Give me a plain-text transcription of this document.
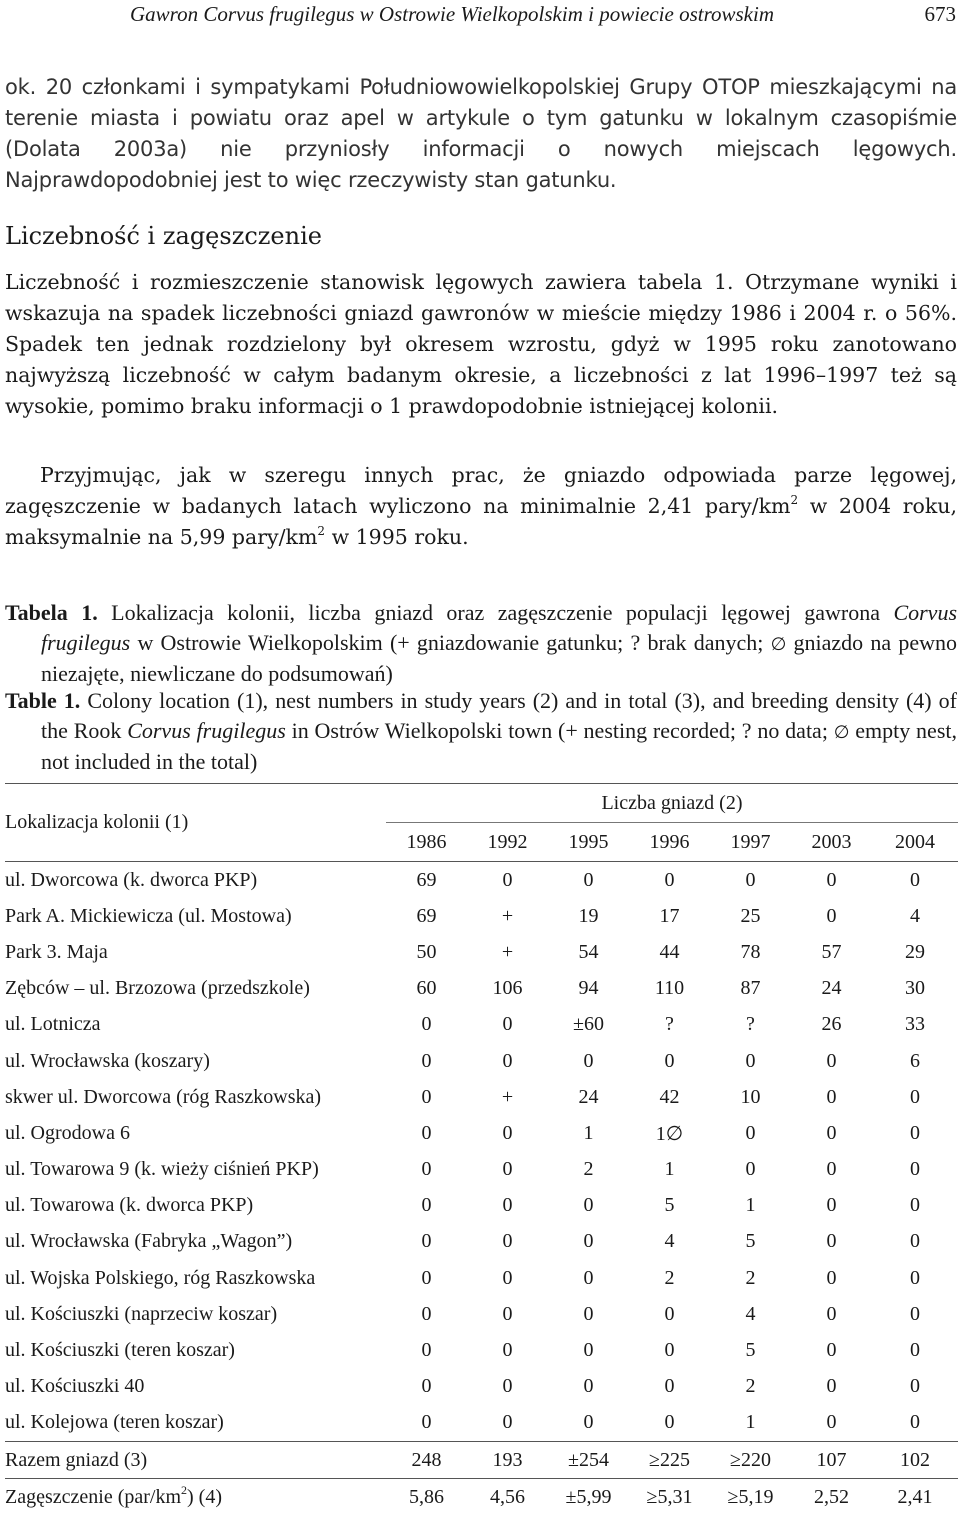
Gawron Corvus frugilegus w Ostrowie Wielkopolskim i powiecie ostrowskim	673

ok. 20 członkami i sympatykami Południowowielkopolskiej Grupy OTOP mieszkającymi na terenie miasta i powiatu oraz apel w artykule o tym gatunku w lokalnym czasopiśmie (Dolata 2003a) nie przyniosły informacji o nowych miejscach lęgowych. Najprawdopodobniej jest to więc rzeczywisty stan gatunku.

Liczebność i zagęszczenie

Liczebność i rozmieszczenie stanowisk lęgowych zawiera tabela 1. Otrzymane wyniki i wskazuja na spadek liczebności gniazd gawronów w mieście między 1986 i 2004 r. o 56%. Spadek ten jednak rozdzielony był okresem wzrostu, gdyż w 1995 roku zanotowano najwyższą liczebność w całym badanym okresie, a liczebności z lat 1996–1997 też są wysokie, pomimo braku informacji o 1 prawdopodobnie istniejącej kolonii.

Przyjmując, jak w szeregu innych prac, że gniazdo odpowiada parze lęgowej, zagęszczenie w badanych latach wyliczono na minimalnie 2,41 pary/$km^2$ w 2004 roku, maksymalnie na 5,99 pary/$km^2$ w 1995 roku.

Tabela 1. Lokalizacja kolonii, liczba gniazd oraz zagęszczenie populacji lęgowej gawrona Corvus frugilegus w Ostrowie Wielkopolskim (+ gniazdowanie gatunku; ? brak danych; ∅ gniazdo na pewno niezajęte, niewliczane do podsumowań)
Table 1. Colony location (1), nest numbers in study years (2) and in total (3), and breeding density (4) of the Rook Corvus frugilegus in Ostrów Wielkopolski town (+ nesting recorded; ? no data; ∅ empty nest, not included in the total)
Lokalizacja kolonii (1)	Liczba gniazd (2)						
	1986	1992	1995	1996	1997	2003	2004
ul. Dworcowa (k. dworca PKP)	69	0	0	0	0	0	0
Park A. Mickiewicza (ul. Mostowa)	69	+	19	17	25	0	4
Park 3. Maja	50	+	54	44	78	57	29
Zębców – ul. Brzozowa (przedszkole)	60	106	94	110	87	24	30
ul. Lotnicza	0	0	±60	?	?	26	33
ul. Wrocławska (koszary)	0	0	0	0	0	0	6
skwer ul. Dworcowa (róg Raszkowska)	0	+	24	42	10	0	0
ul. Ogrodowa 6	0	0	1	1∅	0	0	0
ul. Towarowa 9 (k. wieży ciśnień PKP)	0	0	2	1	0	0	0
ul. Towarowa (k. dworca PKP)	0	0	0	5	1	0	0
ul. Wrocławska (Fabryka „Wagon”)	0	0	0	4	5	0	0
ul. Wojska Polskiego, róg Raszkowska	0	0	0	2	2	0	0
ul. Kościuszki (naprzeciw koszar)	0	0	0	0	4	0	0
ul. Kościuszki (teren koszar)	0	0	0	0	5	0	0
ul. Kościuszki 40	0	0	0	0	2	0	0
ul. Kolejowa (teren koszar)	0	0	0	0	1	0	0
Razem gniazd (3)	248	193	±254	≥225	≥220	107	102
Zagęszczenie $(par/km^2)$ (4)	5,86	4,56	±5,99	≥5,31	≥5,19	2,52	2,41
